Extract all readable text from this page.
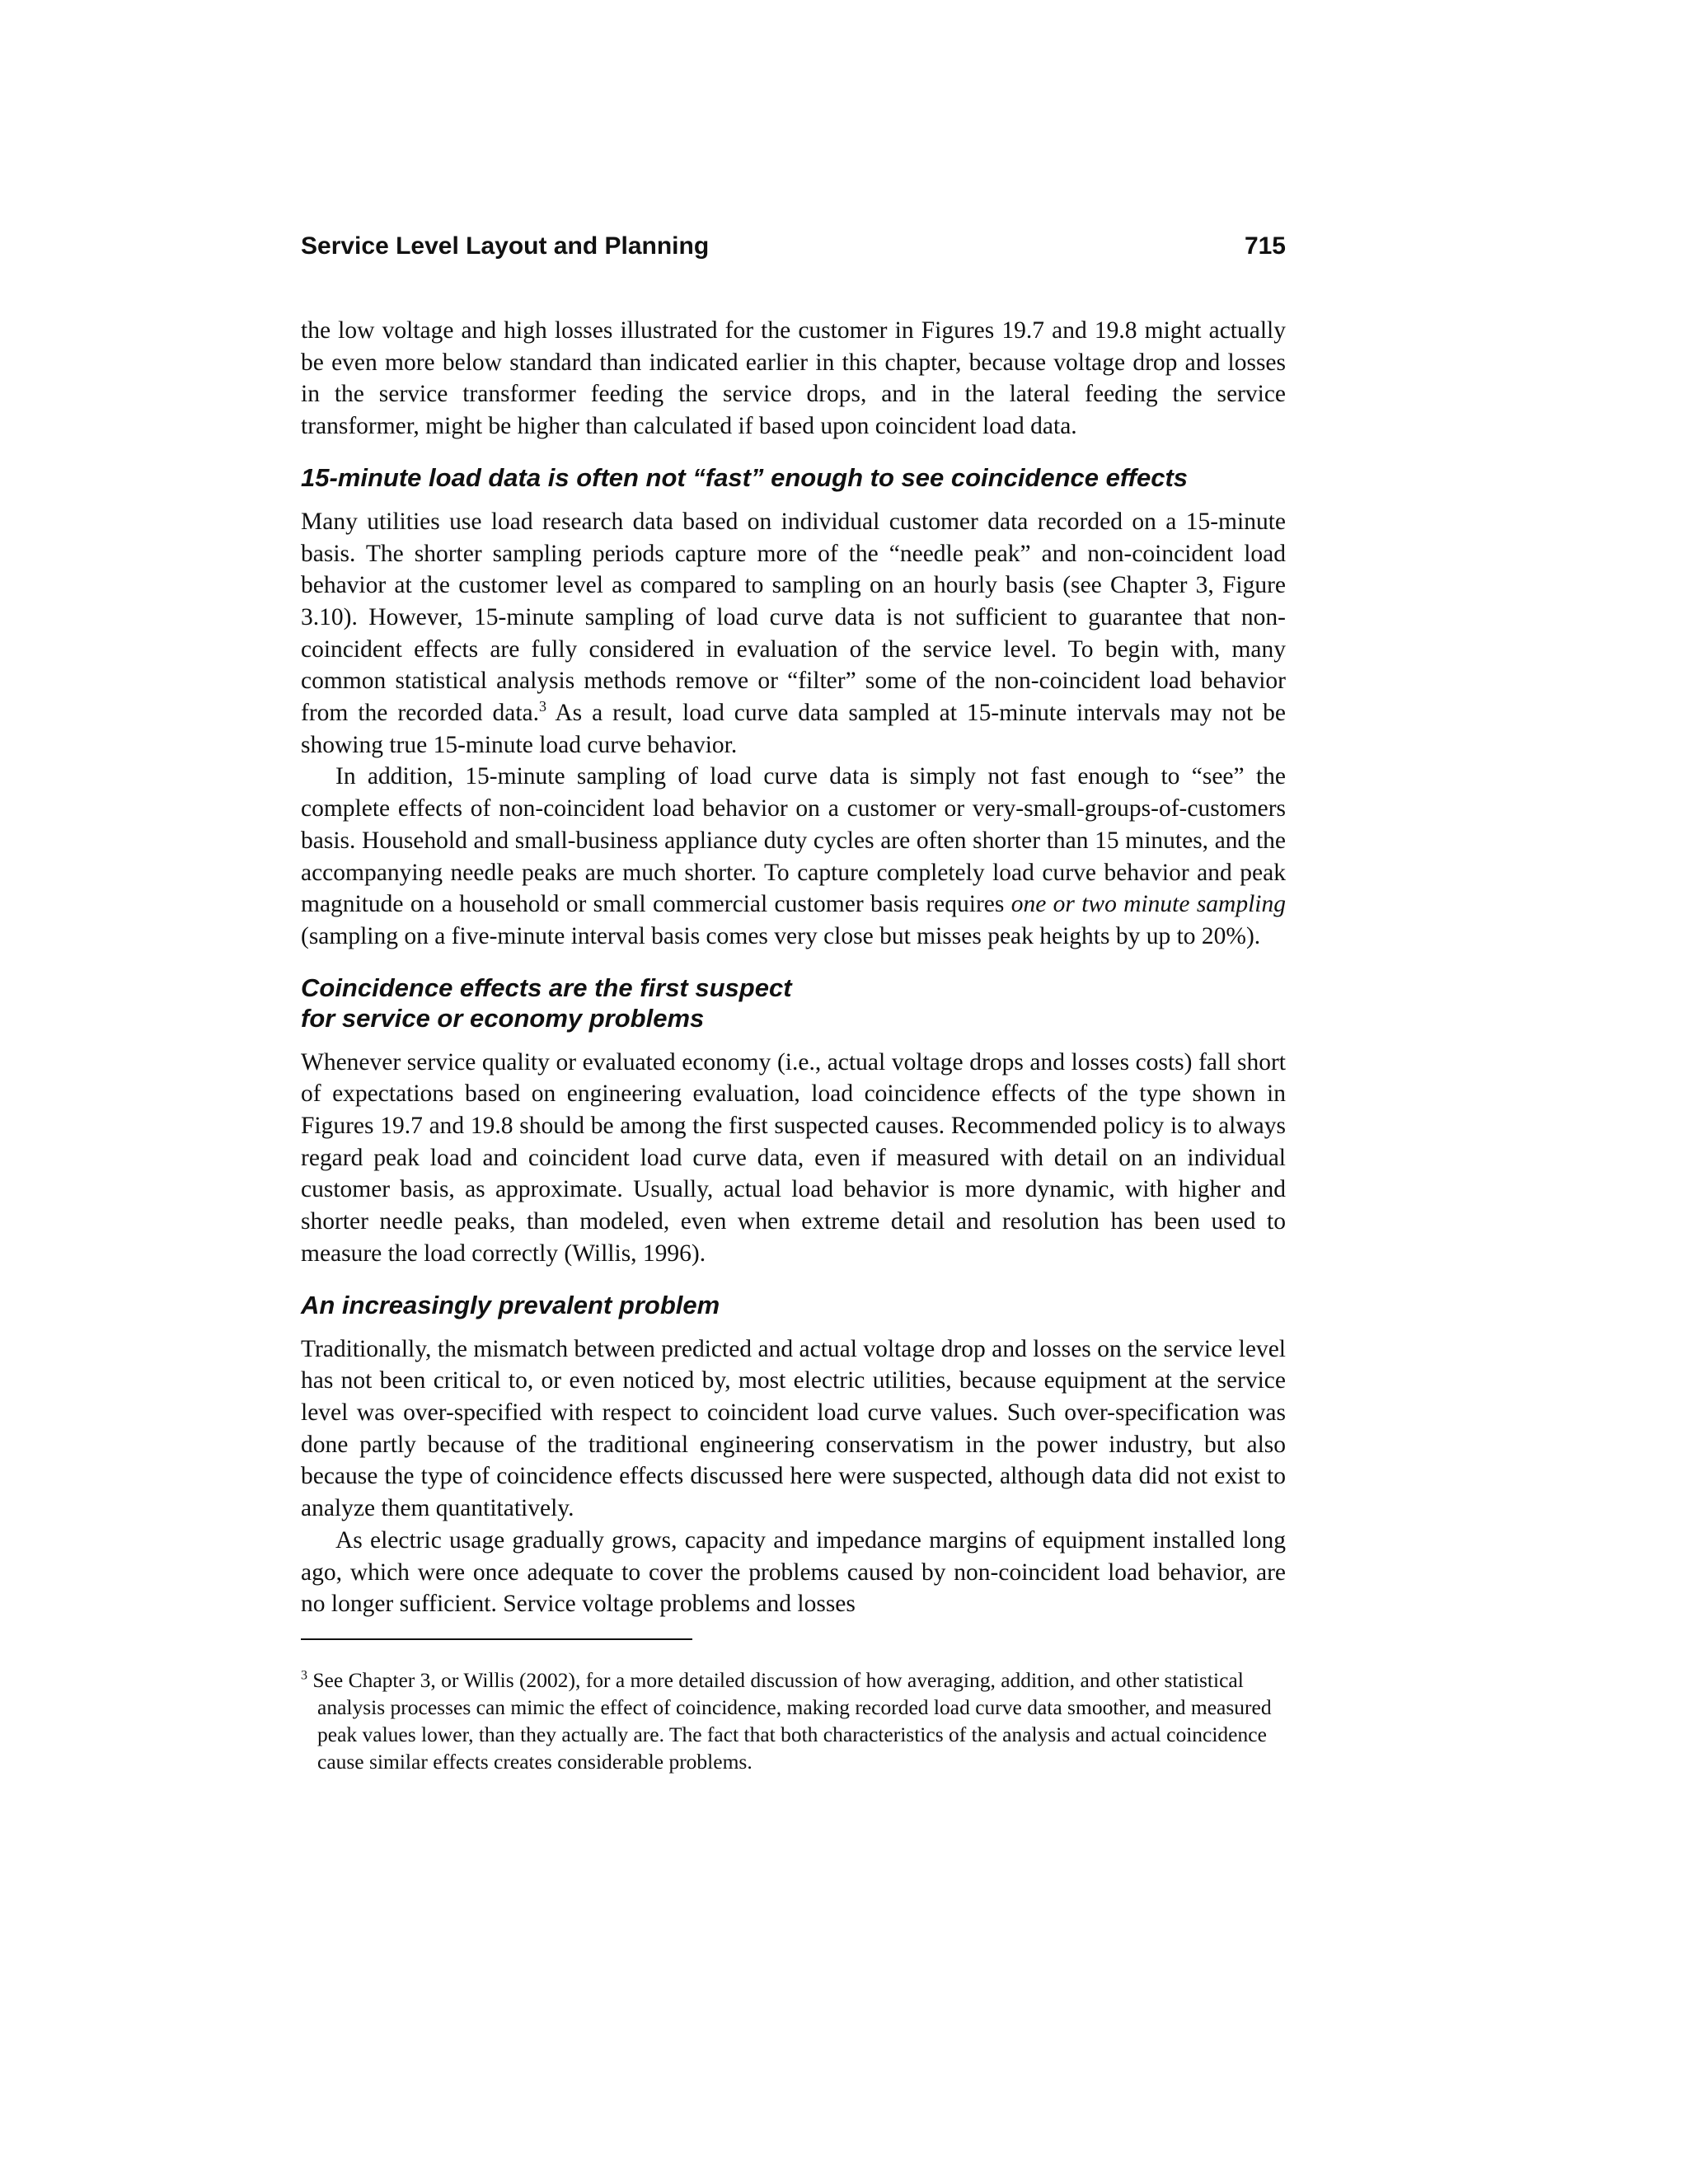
Service Level Layout and Planning	715

the low voltage and high losses illustrated for the customer in Figures 19.7 and 19.8 might actually be even more below standard than indicated earlier in this chapter, because voltage drop and losses in the service transformer feeding the service drops, and in the lateral feeding the service transformer, might be higher than calculated if based upon coincident load data.

15-minute load data is often not “fast” enough to see coincidence effects

Many utilities use load research data based on individual customer data recorded on a 15-minute basis. The shorter sampling periods capture more of the “needle peak” and non-coincident load behavior at the customer level as compared to sampling on an hourly basis (see Chapter 3, Figure 3.10). However, 15-minute sampling of load curve data is not sufficient to guarantee that non-coincident effects are fully considered in evaluation of the service level. To begin with, many common statistical analysis methods remove or “filter” some of the non-coincident load behavior from the recorded data.$^3$ As a result, load curve data sampled at 15-minute intervals may not be showing true 15-minute load curve behavior.

In addition, 15-minute sampling of load curve data is simply not fast enough to “see” the complete effects of non-coincident load behavior on a customer or very-small-groups-of-customers basis. Household and small-business appliance duty cycles are often shorter than 15 minutes, and the accompanying needle peaks are much shorter. To capture completely load curve behavior and peak magnitude on a household or small commercial customer basis requires one or two minute sampling (sampling on a five-minute interval basis comes very close but misses peak heights by up to 20%).

Coincidence effects are the first suspect
for service or economy problems

Whenever service quality or evaluated economy (i.e., actual voltage drops and losses costs) fall short of expectations based on engineering evaluation, load coincidence effects of the type shown in Figures 19.7 and 19.8 should be among the first suspected causes. Recommended policy is to always regard peak load and coincident load curve data, even if measured with detail on an individual customer basis, as approximate. Usually, actual load behavior is more dynamic, with higher and shorter needle peaks, than modeled, even when extreme detail and resolution has been used to measure the load correctly (Willis, 1996).

An increasingly prevalent problem

Traditionally, the mismatch between predicted and actual voltage drop and losses on the service level has not been critical to, or even noticed by, most electric utilities, because equipment at the service level was over-specified with respect to coincident load curve values. Such over-specification was done partly because of the traditional engineering conservatism in the power industry, but also because the type of coincidence effects discussed here were suspected, although data did not exist to analyze them quantitatively.

As electric usage gradually grows, capacity and impedance margins of equipment installed long ago, which were once adequate to cover the problems caused by non-coincident load behavior, are no longer sufficient. Service voltage problems and losses

$^3$ See Chapter 3, or Willis (2002), for a more detailed discussion of how averaging, addition, and other statistical analysis processes can mimic the effect of coincidence, making recorded load curve data smoother, and measured peak values lower, than they actually are. The fact that both characteristics of the analysis and actual coincidence cause similar effects creates considerable problems.
